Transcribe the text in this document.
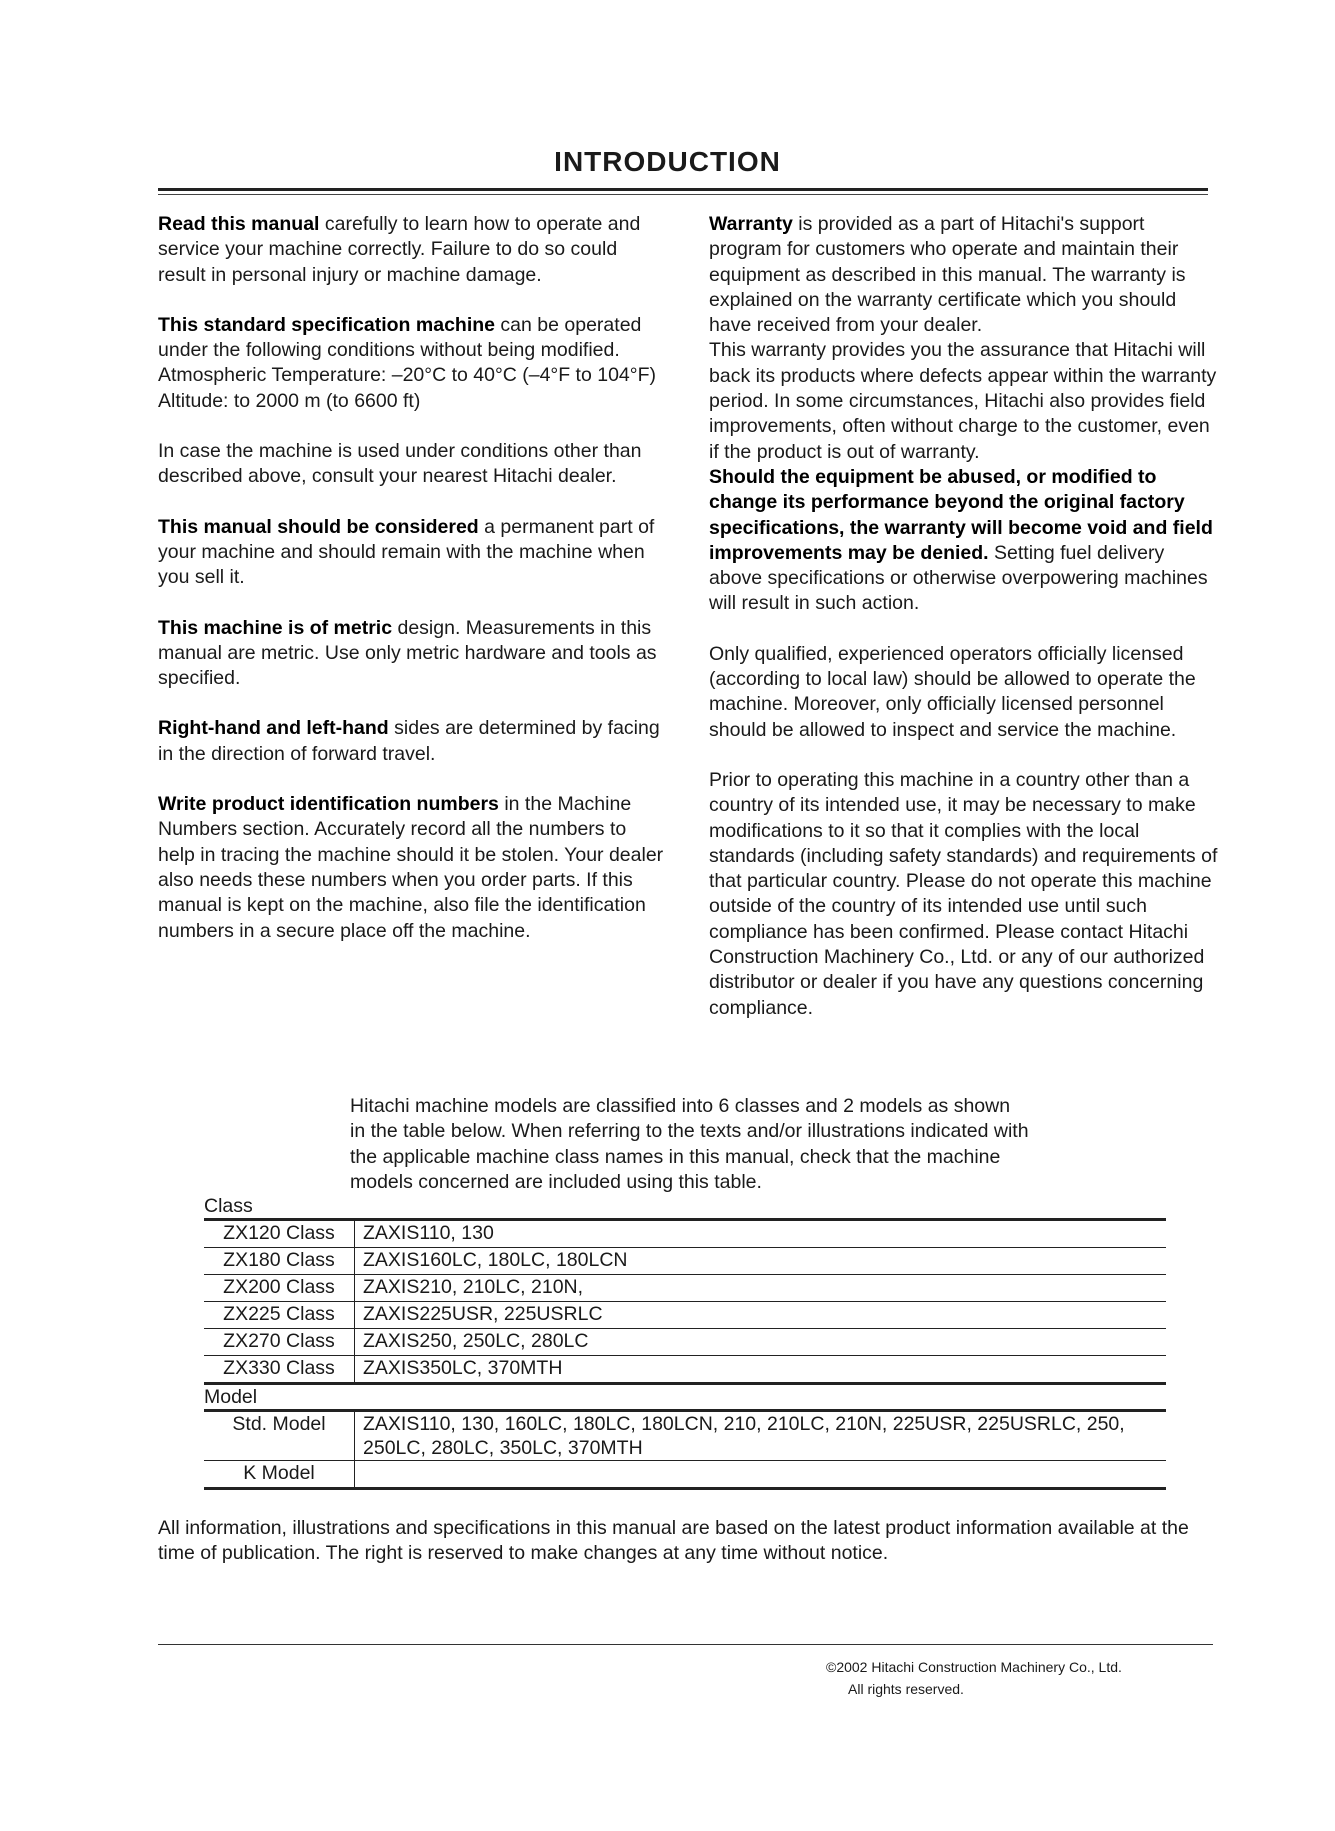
INTRODUCTION

Read this manual carefully to learn how to operate and service your machine correctly. Failure to do so could result in personal injury or machine damage.

This standard specification machine can be operated under the following conditions without being modified.

Atmospheric Temperature: –20°C to 40°C (–4°F to 104°F)

Altitude: to 2000 m (to 6600 ft)

In case the machine is used under conditions other than described above, consult your nearest Hitachi dealer.

This manual should be considered a permanent part of your machine and should remain with the machine when you sell it.

This machine is of metric design. Measurements in this manual are metric. Use only metric hardware and tools as specified.

Right-hand and left-hand sides are determined by facing in the direction of forward travel.

Write product identification numbers in the Machine Numbers section. Accurately record all the numbers to help in tracing the machine should it be stolen. Your dealer also needs these numbers when you order parts. If this manual is kept on the machine, also file the identification numbers in a secure place off the machine.

Warranty is provided as a part of Hitachi's support program for customers who operate and maintain their equipment as described in this manual. The warranty is explained on the warranty certificate which you should have received from your dealer.

This warranty provides you the assurance that Hitachi will back its products where defects appear within the warranty period. In some circumstances, Hitachi also provides field improvements, often without charge to the customer, even if the product is out of warranty.

Should the equipment be abused, or modified to change its performance beyond the original factory specifications, the warranty will become void and field improvements may be denied. Setting fuel delivery above specifications or otherwise overpowering machines will result in such action.

Only qualified, experienced operators officially licensed (according to local law) should be allowed to operate the machine. Moreover, only officially licensed personnel should be allowed to inspect and service the machine.

Prior to operating this machine in a country other than a country of its intended use, it may be necessary to make modifications to it so that it complies with the local standards (including safety standards) and requirements of that particular country. Please do not operate this machine outside of the country of its intended use until such compliance has been confirmed. Please contact Hitachi Construction Machinery Co., Ltd. or any of our authorized distributor or dealer if you have any questions concerning compliance.

Hitachi machine models are classified into 6 classes and 2 models as shown in the table below. When referring to the texts and/or illustrations indicated with the applicable machine class names in this manual, check that the machine models concerned are included using this table.
Class
ZX120 Class	ZAXIS110, 130
ZX180 Class	ZAXIS160LC, 180LC, 180LCN
ZX200 Class	ZAXIS210, 210LC, 210N,
ZX225 Class	ZAXIS225USR, 225USRLC
ZX270 Class	ZAXIS250, 250LC, 280LC
ZX330 Class	ZAXIS350LC, 370MTH
Model
Std. Model	ZAXIS110, 130, 160LC, 180LC, 180LCN, 210, 210LC, 210N, 225USR, 225USRLC, 250, 250LC, 280LC, 350LC, 370MTH
K Model	
All information, illustrations and specifications in this manual are based on the latest product information available at the time of publication. The right is reserved to make changes at any time without notice.
©2002 Hitachi Construction Machinery Co., Ltd.
All rights reserved.
